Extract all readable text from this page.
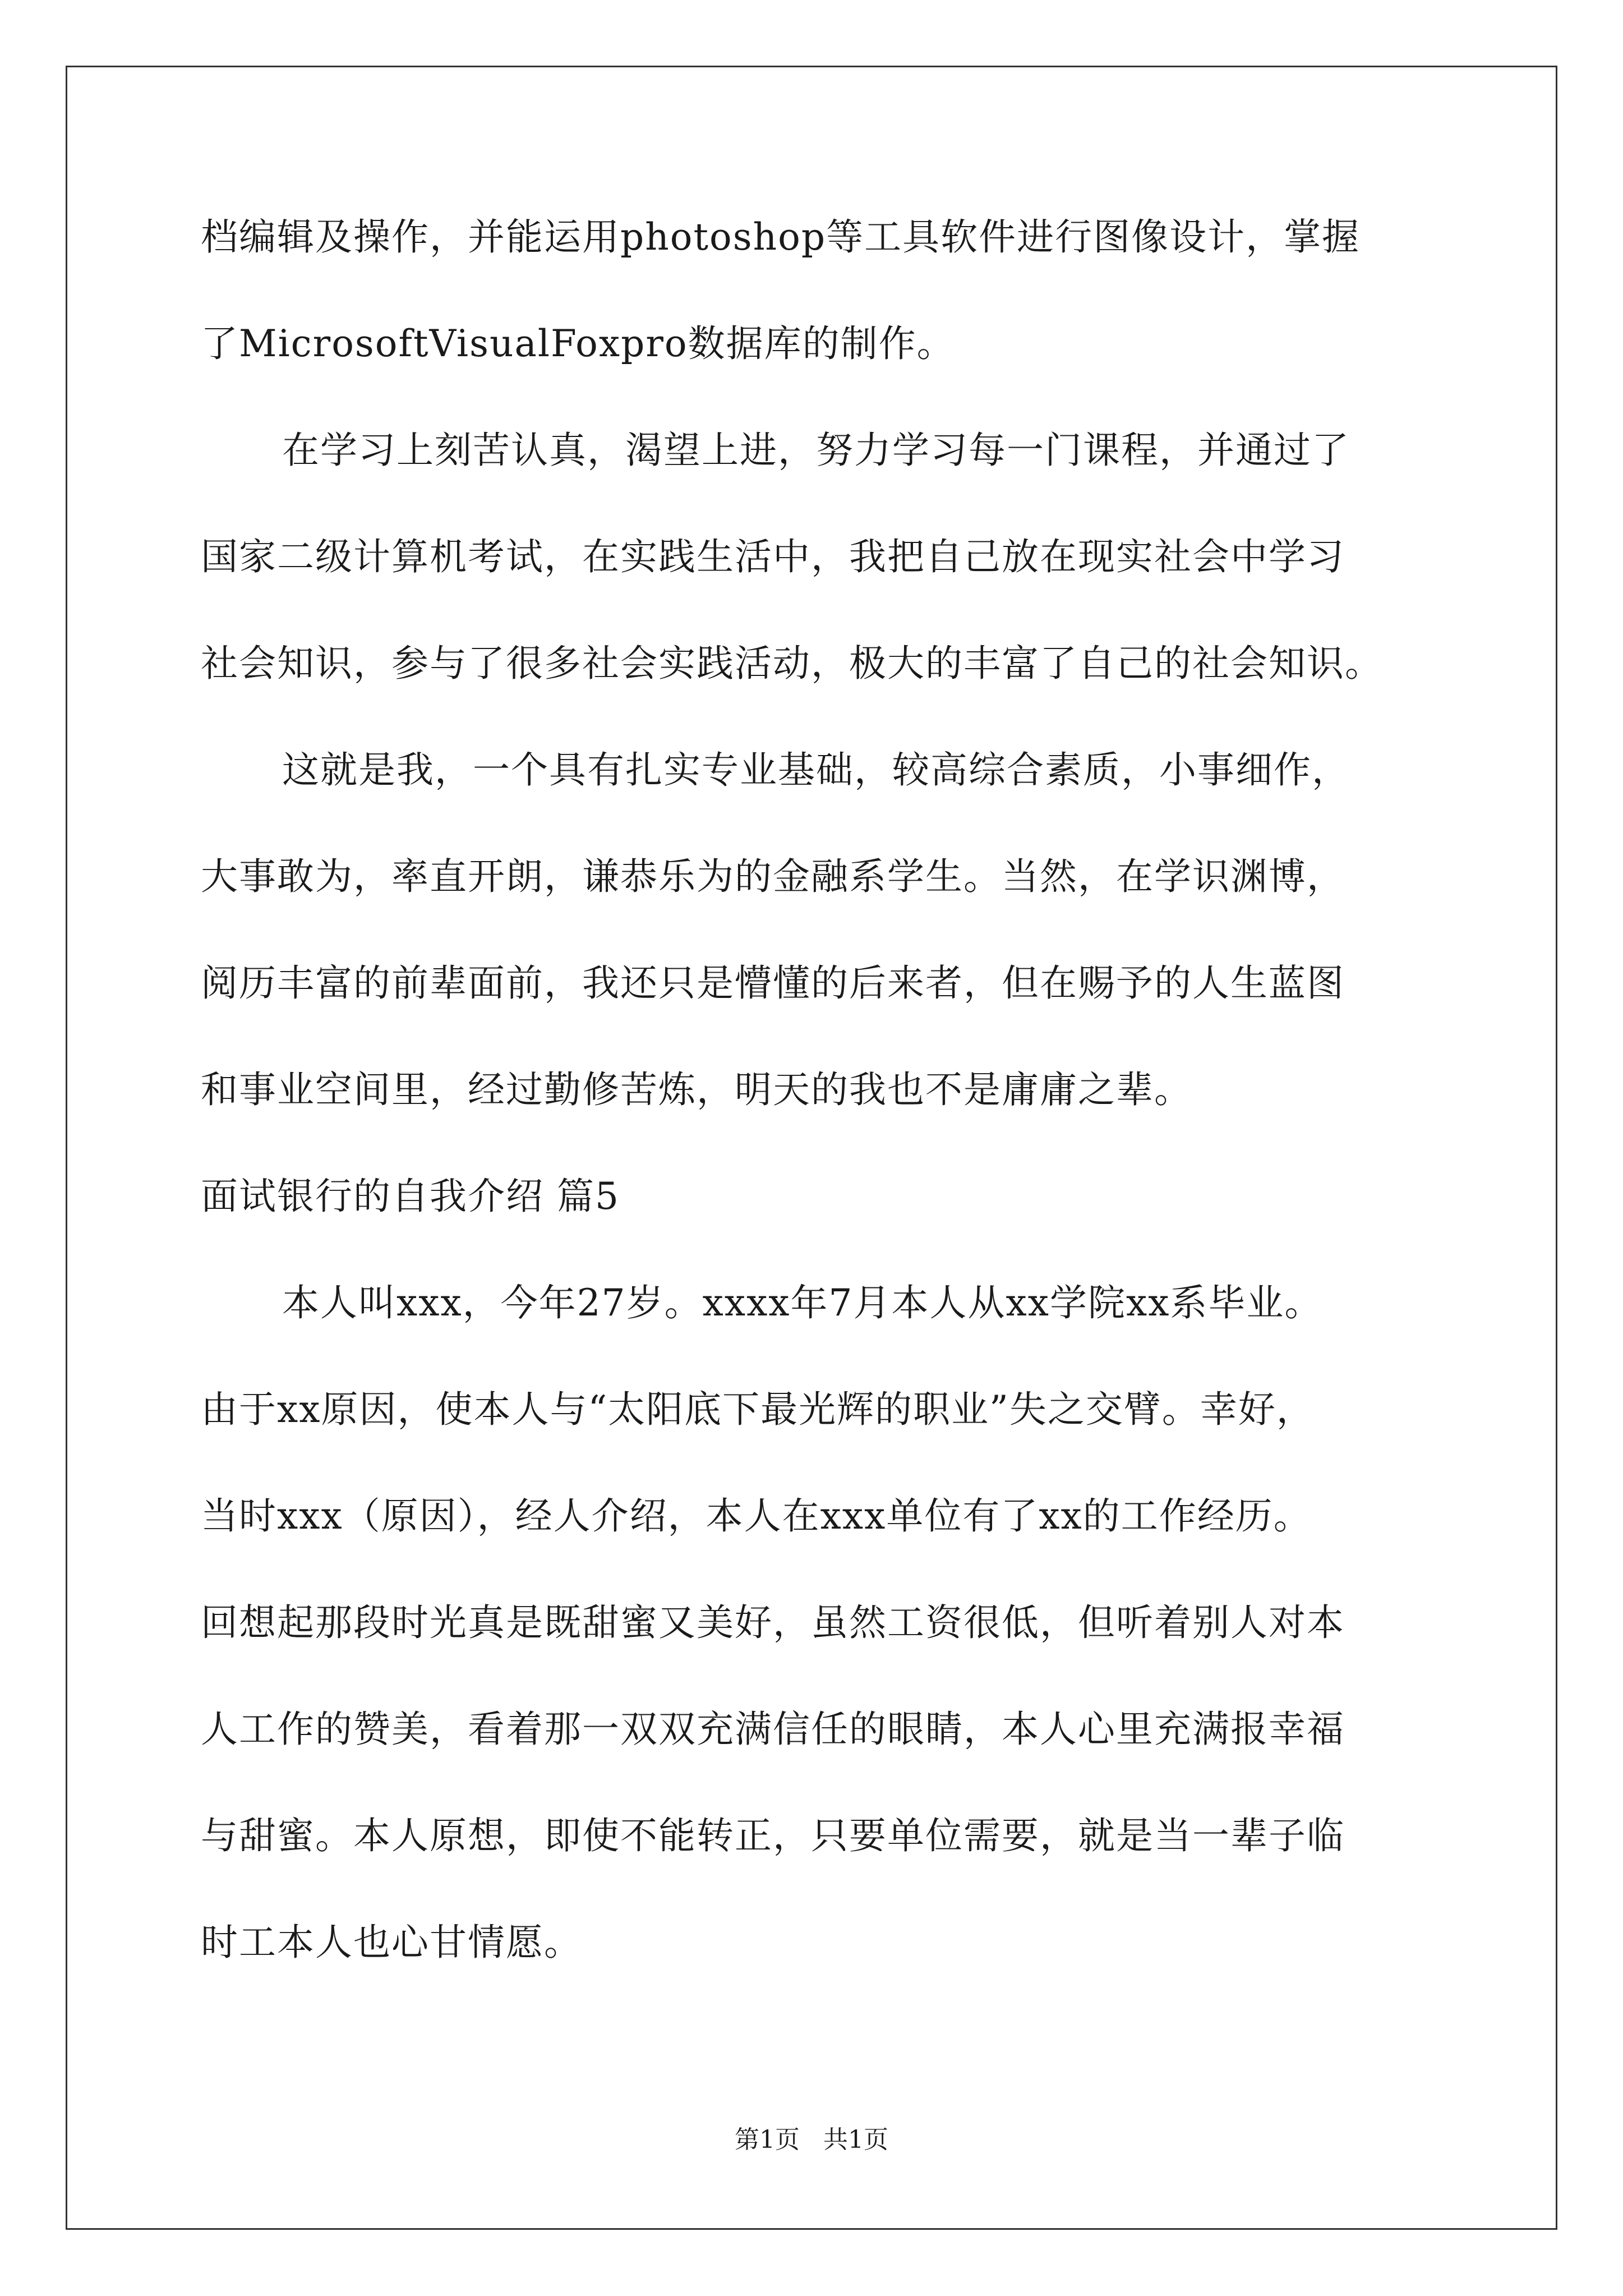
档编辑及操作，并能运用photoshop等工具软件进行图像设计，掌握
了MicrosoftVisualFoxpro数据库的制作。
在学习上刻苦认真，渴望上进，努力学习每一门课程，并通过了
国家二级计算机考试，在实践生活中，我把自己放在现实社会中学习
社会知识，参与了很多社会实践活动，极大的丰富了自己的社会知识。
这就是我，一个具有扎实专业基础，较高综合素质，小事细作，
大事敢为，率直开朗，谦恭乐为的金融系学生。当然，在学识渊博，
阅历丰富的前辈面前，我还只是懵懂的后来者，但在赐予的人生蓝图
和事业空间里，经过勤修苦炼，明天的我也不是庸庸之辈。
面试银行的自我介绍 篇5
本人叫xxx，今年27岁。xxxx年7月本人从xx学院xx系毕业。
由于xx原因，使本人与“太阳底下最光辉的职业”失之交臂。幸好，
当时xxx（原因），经人介绍，本人在xxx单位有了xx的工作经历。
回想起那段时光真是既甜蜜又美好，虽然工资很低，但听着别人对本
人工作的赞美，看着那一双双充满信任的眼睛，本人心里充满报幸福
与甜蜜。本人原想，即使不能转正，只要单位需要，就是当一辈子临
时工本人也心甘情愿。
第1页   共1页
